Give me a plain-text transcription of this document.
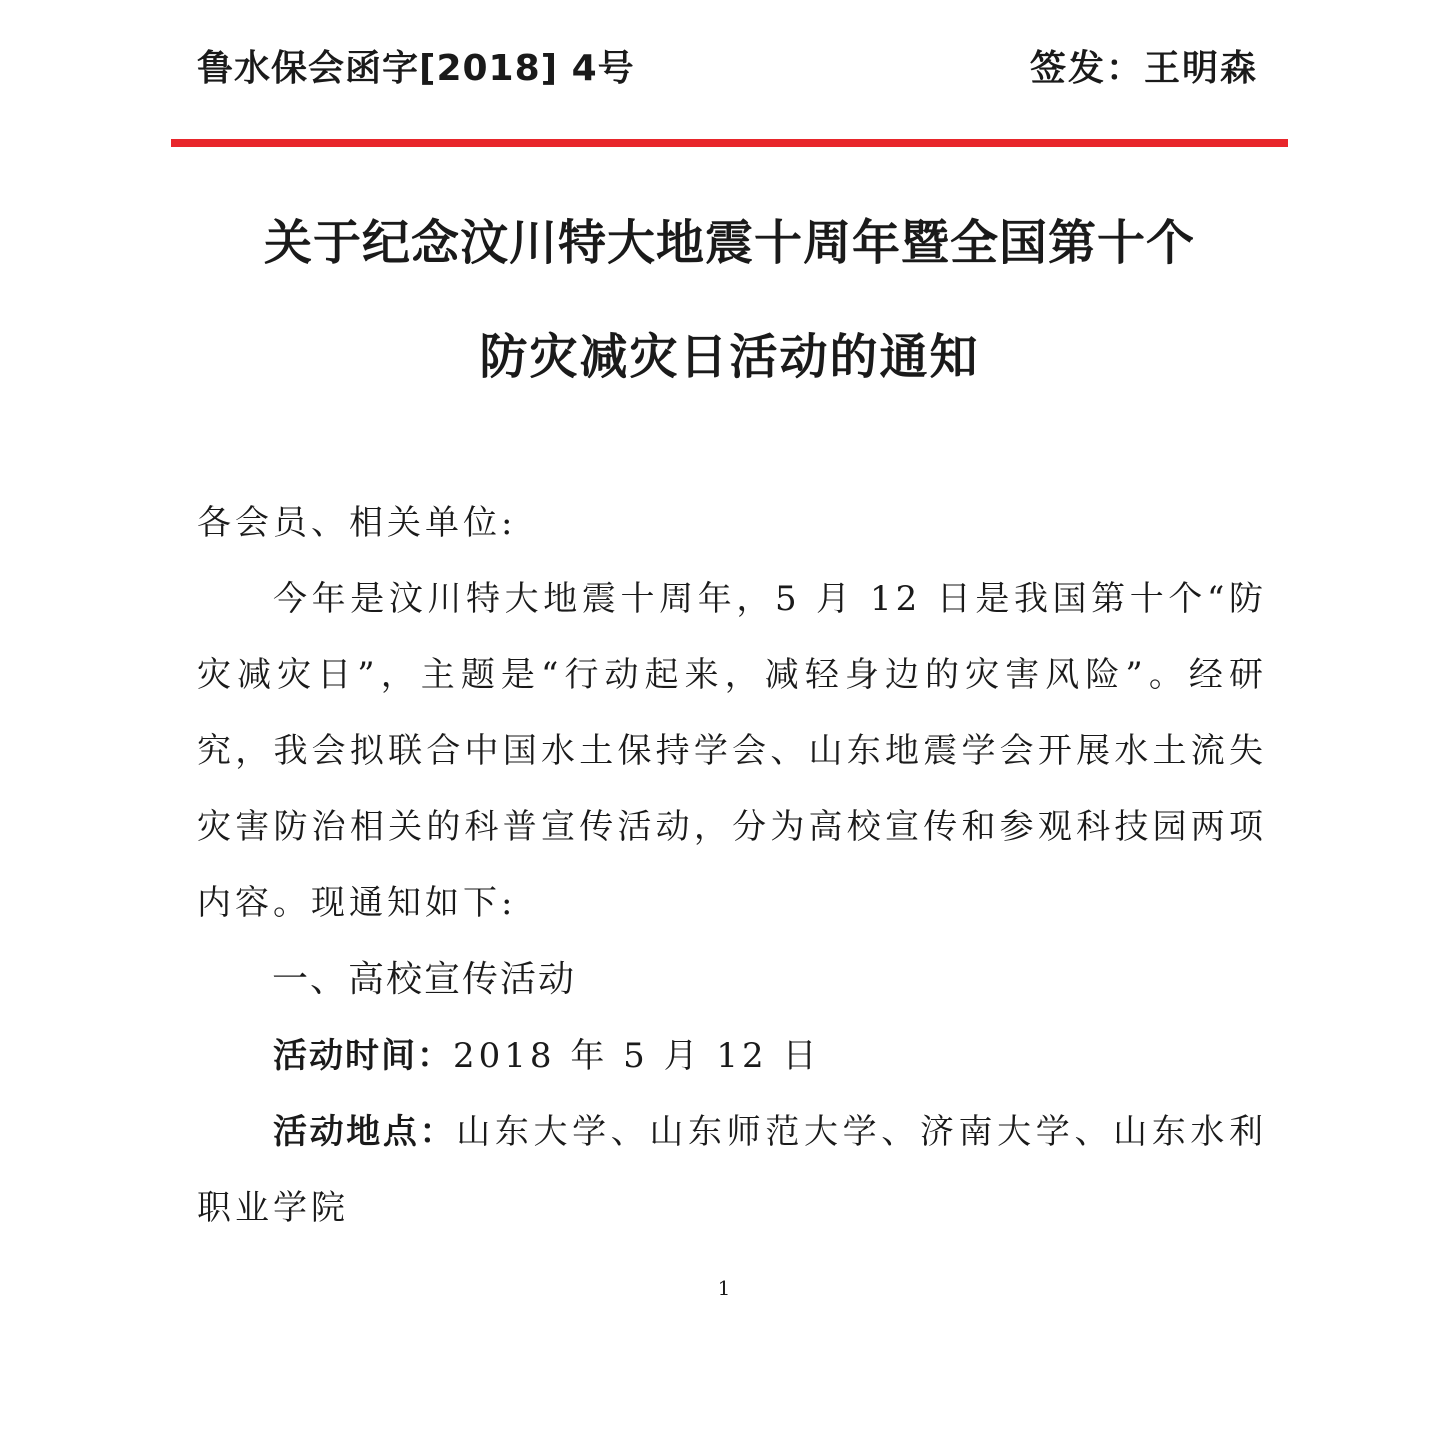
鲁水保会函字[2018] 4号	签发：王明森
关于纪念汶川特大地震十周年暨全国第十个
防灾减灾日活动的通知
各会员、相关单位:
今年是汶川特大地震十周年，5 月 12 日是我国第十个“防灾减灾日”，主题是“行动起来，减轻身边的灾害风险”。经研究，我会拟联合中国水土保持学会、山东地震学会开展水土流失灾害防治相关的科普宣传活动，分为高校宣传和参观科技园两项内容。现通知如下:
一、高校宣传活动
活动时间：2018 年 5 月 12 日
活动地点：山东大学、山东师范大学、济南大学、山东水利职业学院
1
